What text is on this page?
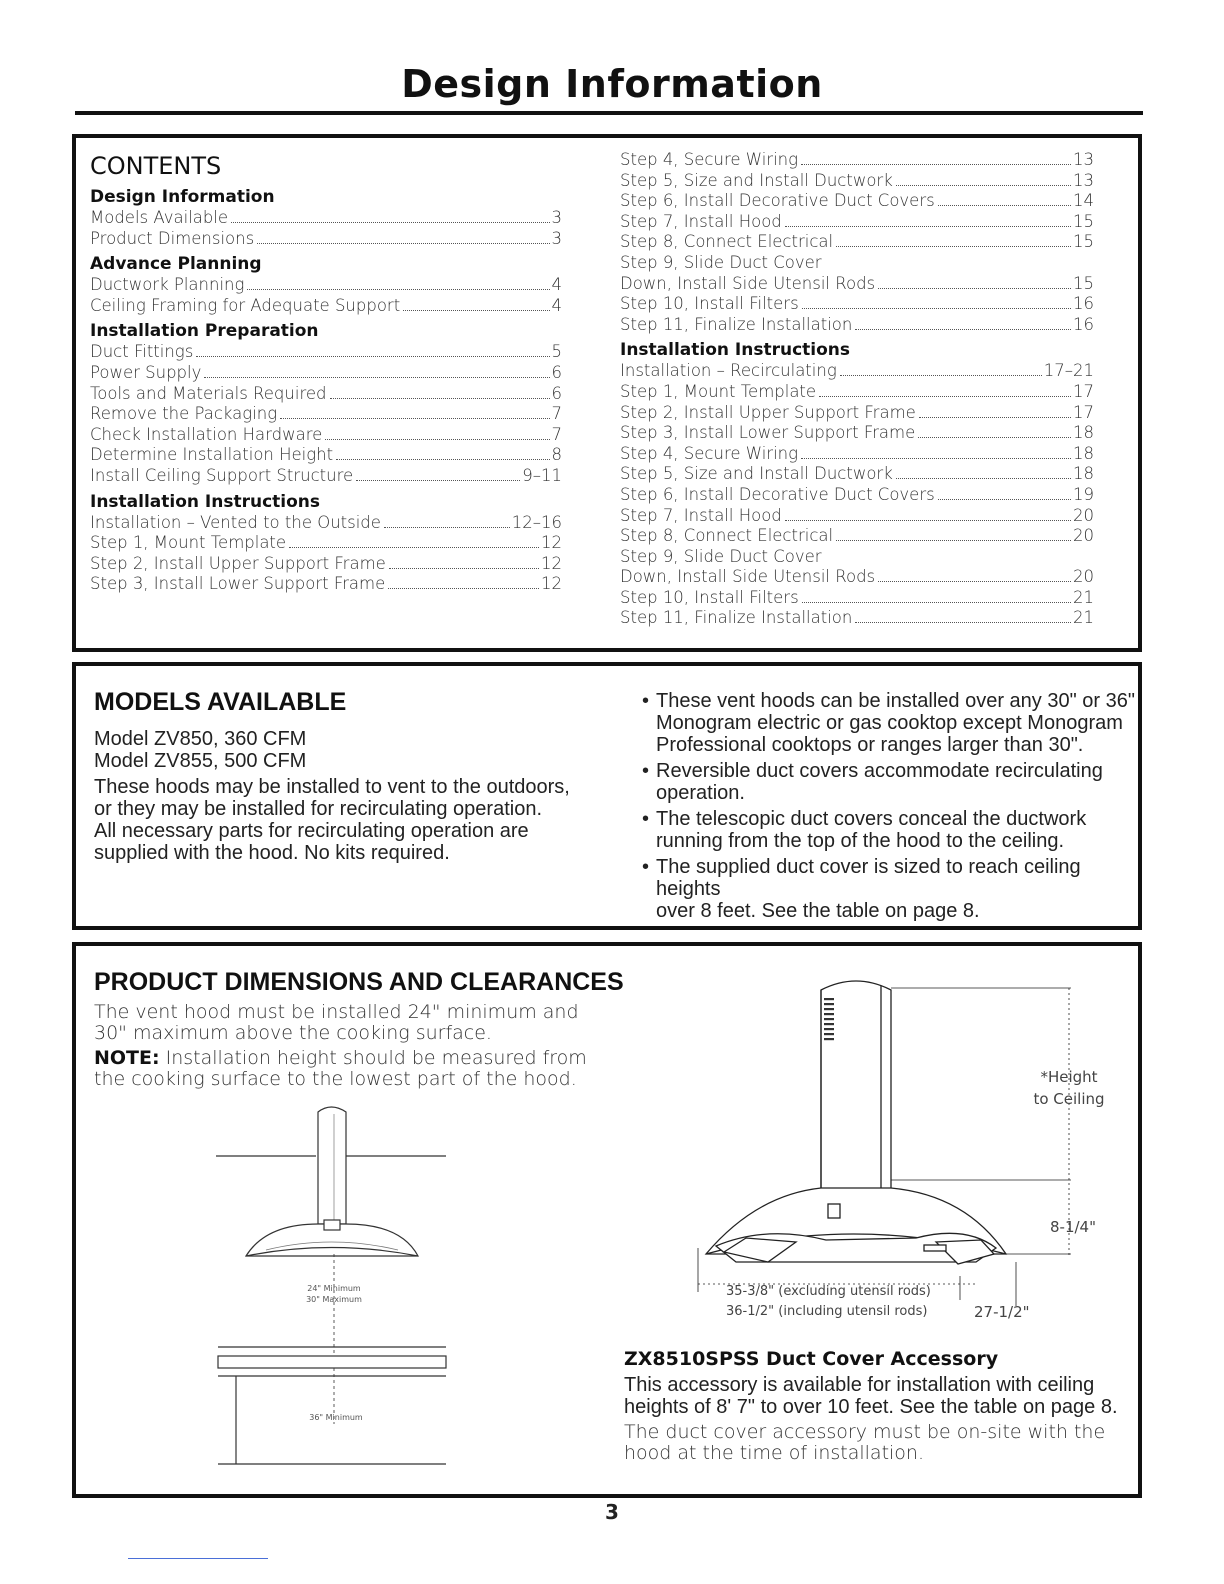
Design Information
CONTENTS
Design Information
Models Available	3
Product Dimensions	3
Advance Planning
Ductwork Planning	4
Ceiling Framing for Adequate Support	4
Installation Preparation
Duct Fittings	5
Power Supply	6
Tools and Materials Required	6
Remove the Packaging	7
Check Installation Hardware	7
Determine Installation Height	8
Install Ceiling Support Structure	9–11
Installation Instructions
Installation – Vented to the Outside	12–16
Step 1, Mount Template	12
Step 2, Install Upper Support Frame	12
Step 3, Install Lower Support Frame	12
Step 4, Secure Wiring	13
Step 5, Size and Install Ductwork	13
Step 6, Install Decorative Duct Covers	14
Step 7, Install Hood	15
Step 8, Connect Electrical	15
Step 9, Slide Duct Cover
Down, Install Side Utensil Rods	15
Step 10, Install Filters	16
Step 11, Finalize Installation	16
Installation Instructions
Installation – Recirculating	17–21
Step 1, Mount Template	17
Step 2, Install Upper Support Frame	17
Step 3, Install Lower Support Frame	18
Step 4, Secure Wiring	18
Step 5, Size and Install Ductwork	18
Step 6, Install Decorative Duct Covers	19
Step 7, Install Hood	20
Step 8, Connect Electrical	20
Step 9, Slide Duct Cover
Down, Install Side Utensil Rods	20
Step 10, Install Filters	21
Step 11, Finalize Installation	21
MODELS AVAILABLE
Model ZV850, 360 CFM
Model ZV855, 500 CFM
These hoods may be installed to vent to the outdoors,
or they may be installed for recirculating operation.
All necessary parts for recirculating operation are
supplied with the hood. No kits required.
• These vent hoods can be installed over any 30" or 36"
Monogram electric or gas cooktop except Monogram
Professional cooktops or ranges larger than 30".
• Reversible duct covers accommodate recirculating
operation.
• The telescopic duct covers conceal the ductwork
running from the top of the hood to the ceiling.
• The supplied duct cover is sized to reach ceiling heights
over 8 feet. See the table on page 8.
PRODUCT DIMENSIONS AND CLEARANCES
The vent hood must be installed 24" minimum and
30" maximum above the cooking surface.
NOTE: Installation height should be measured from
the cooking surface to the lowest part of the hood.
24" Minimum
30" Maximum
36" Minimum
*Height
to Ceiling
8-1/4"
35-3/8" (excluding utensil rods)
36-1/2" (including utensil rods)	27-1/2"
ZX8510SPSS Duct Cover Accessory
This accessory is available for installation with ceiling
heights of 8' 7" to over 10 feet. See the table on page 8.
The duct cover accessory must be on-site with the
hood at the time of installation.
3
